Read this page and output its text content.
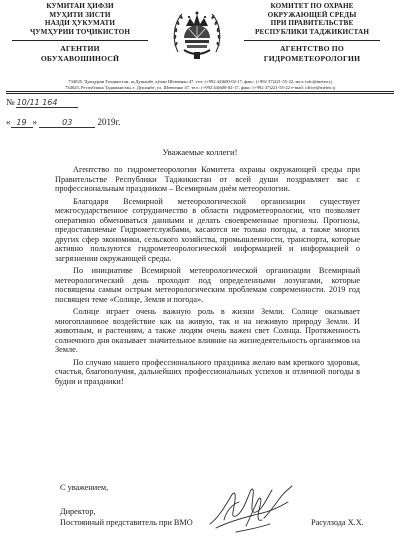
КУМИТАИ ҲИФЗИ
МУҲИТИ ЗИСТИ
НАЗДИ ҲУКУМАТИ
ҶУМҲУРИИ ТОҶИКИСТОН
АГЕНТИИ
ОБУХАВОШИНОСӢ
КОМИТЕТ ПО ОХРАНЕ
ОКРУЖАЮЩЕЙ СРЕДЫ
ПРИ ПРАВИТЕЛЬСТВЕ
РЕСПУБЛИКИ ТАДЖИКИСТАН
АГЕНТСТВО ПО
ГИДРОМЕТЕОРОЛОГИИ
734025, Ҷумҳурии Тоҷикистон, ш.Душанбе, кӯчаи Шевченко 47, тел: (+992 44)600-02-17, факс: (+992 37)221-55-22, мел: info@meteo.tj
734025, Республика Таджикистан, г. Душанбе, ул. Шевченко 47, тел.: (+992 44)600-02-17, факс: (+992 37)221-55-22 e-mail: office@meteo.tj
№ 10/11 164
« 19 »	03	2019г.
Уважаемые коллеги!

Агентство по гидрометеорологии Комитета охраны окружающей среды при Правительстве Республики Таджикистан от всей души поздравляет вас с профессиональным праздником – Всемирным днём метеорологии.

Благодаря Всемирной метеорологической организации существует межгосударственное сотрудничество в области гидрометеорологии, что позволяет оперативно обмениваться данными и делать своевременные прогнозы. Прогнозы, предоставляемые Гидрометслужбами, касаются не только погоды, а также многих других сфер экономики, сельского хозяйства, промышленности, транспорта, которые активно пользуются гидрометеорологической информацией и информацией о загрязнении окружающей среды.

По инициативе Всемирной метеорологической организации Всемирный метеорологический день проходит под определенными лозунгами, которые посвящены самым острым метеорологическим проблемам современности. 2019 год посвящен теме «Солнце, Земля и погода».

Солнце играет очень важную роль в жизни Земли. Солнце оказывает многоплановое воздействие как на живую, так и на неживую природу Земли. И животным, и растениям, а также людям очень важен свет Солнца. Протяженность солнечного дня оказывает значительное влияние на жизнедеятельность организмов на Земле.

По случаю нашего профессионального праздника желаю вам крепкого здоровья, счастья, благополучия, дальнейших профессиональных успехов и отличной погоды в будни и праздники!

С уважением,
Директор,
Постоянный представитель при ВМО	Расулзода Х.Х.
